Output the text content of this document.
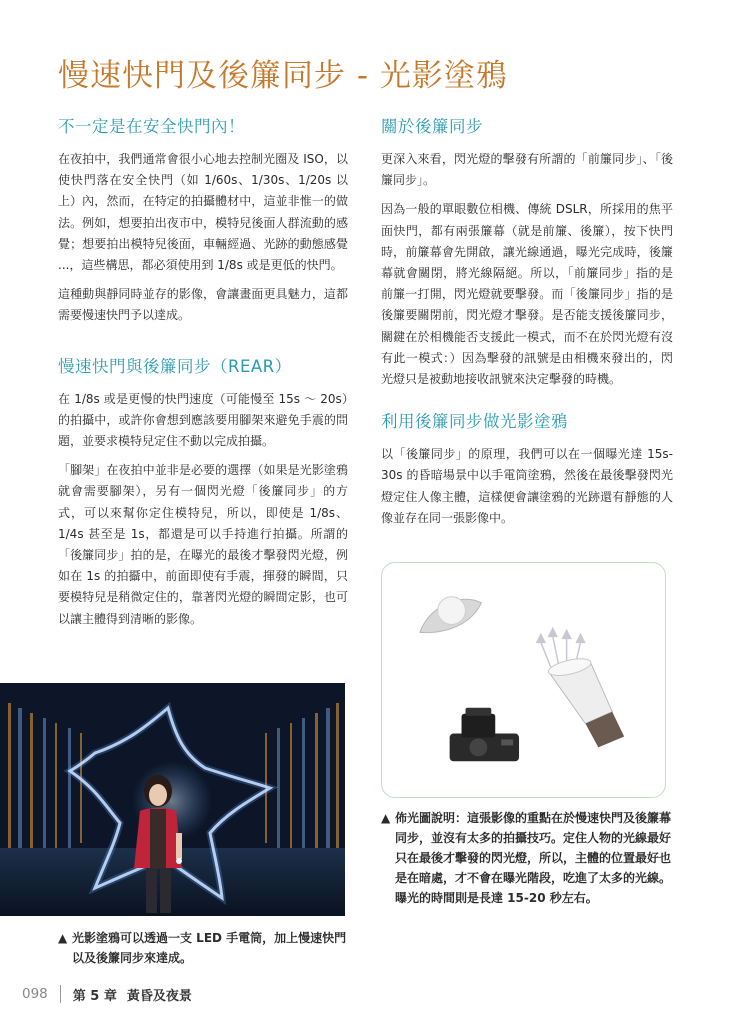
慢速快門及後簾同步 - 光影塗鴉
不一定是在安全快門內！

在夜拍中，我們通常會很小心地去控制光圈及 ISO，以使快門落在安全快門（如 1/60s、1/30s、1/20s 以上）內，然而，在特定的拍攝體材中，這並非惟一的做法。例如，想要拍出夜市中，模特兒後面人群流動的感覺；想要拍出模特兒後面，車輛經過、光跡的動態感覺 ...，這些構思，都必須使用到 1/8s 或是更低的快門。

這種動與靜同時並存的影像，會讓畫面更具魅力，這都需要慢速快門予以達成。

慢速快門與後簾同步（REAR）

在 1/8s 或是更慢的快門速度（可能慢至 15s ～ 20s）的拍攝中，或許你會想到應該要用腳架來避免手震的問題，並要求模特兒定住不動以完成拍攝。

「腳架」在夜拍中並非是必要的選擇（如果是光影塗鴉就會需要腳架），另有一個閃光燈「後簾同步」的方式，可以來幫你定住模特兒，所以，即使是 1/8s、1/4s 甚至是 1s，都還是可以手持進行拍攝。所謂的「後簾同步」拍的是，在曝光的最後才擊發閃光燈，例如在 1s 的拍攝中，前面即使有手震，揮發的瞬間，只要模特兒是稍微定住的，靠著閃光燈的瞬間定影，也可以讓主體得到清晰的影像。

▲ 光影塗鴉可以透過一支 LED 手電筒，加上慢速快門以及後簾同步來達成。
關於後簾同步

更深入來看，閃光燈的擊發有所謂的「前簾同步」、「後簾同步」。

因為一般的單眼數位相機、傳統 DSLR，所採用的焦平面快門，都有兩張簾幕（就是前簾、後簾），按下快門時，前簾幕會先開啟，讓光線通過，曝光完成時，後簾幕就會關閉，將光線隔絕。所以，「前簾同步」指的是前簾一打開，閃光燈就要擊發。而「後簾同步」指的是後簾要關閉前，閃光燈才擊發。是否能支援後簾同步，關鍵在於相機能否支援此一模式，而不在於閃光燈有沒有此一模式：）因為擊發的訊號是由相機來發出的，閃光燈只是被動地接收訊號來決定擊發的時機。

利用後簾同步做光影塗鴉

以「後簾同步」的原理，我們可以在一個曝光達 15s-30s 的昏暗場景中以手電筒塗鴉，然後在最後擊發閃光燈定住人像主體，這樣便會讓塗鴉的光跡還有靜態的人像並存在同一張影像中。

▲ 佈光圖說明：這張影像的重點在於慢速快門及後簾幕同步，並沒有太多的拍攝技巧。定住人物的光線最好只在最後才擊發的閃光燈，所以，主體的位置最好也是在暗處，才不會在曝光階段，吃進了太多的光線。曝光的時間則是長達 15-20 秒左右。
098 第 5 章 黃昏及夜景
